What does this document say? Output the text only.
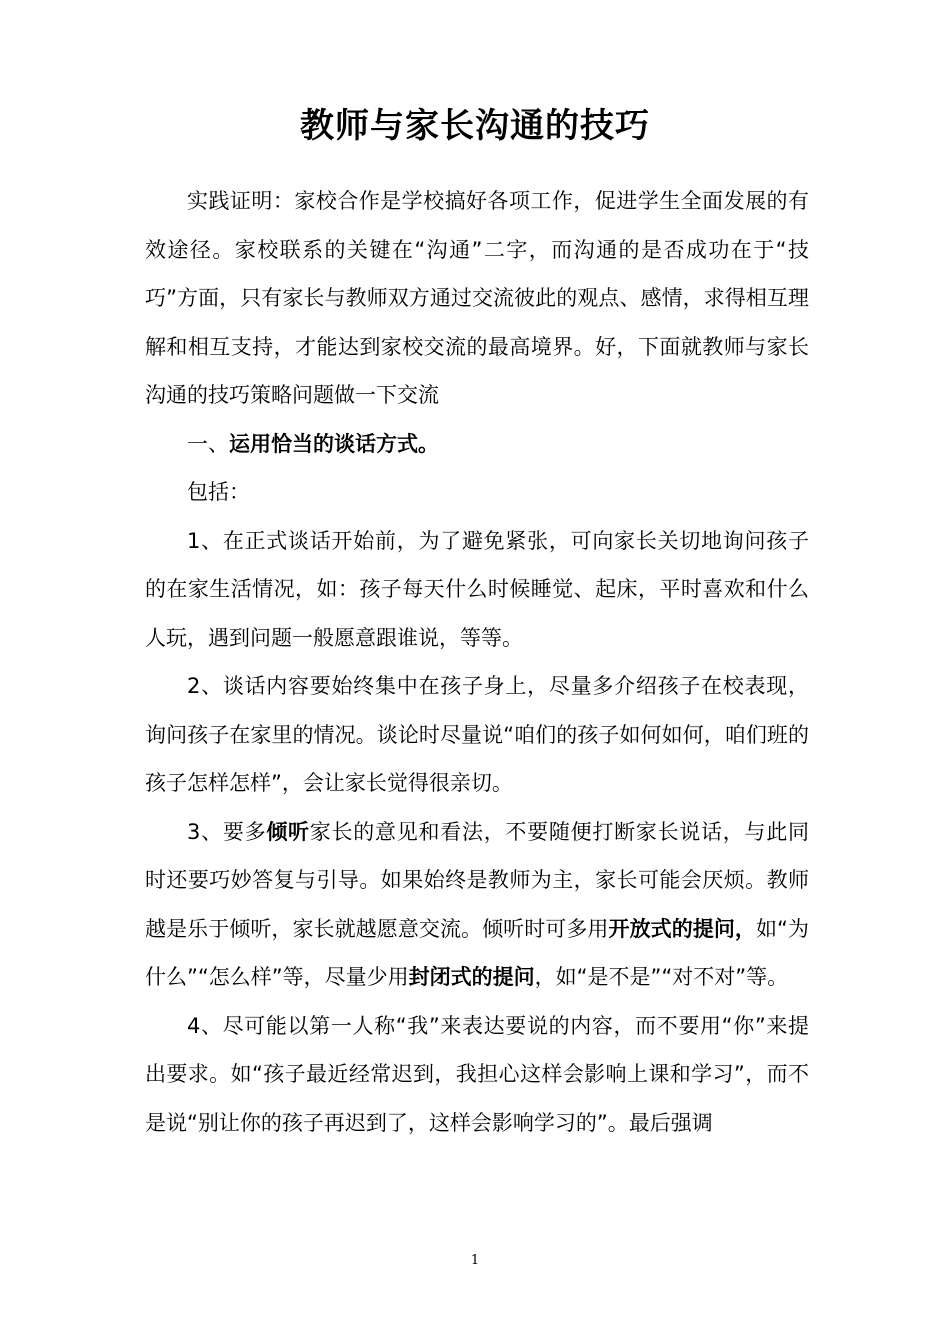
教师与家长沟通的技巧

实践证明：家校合作是学校搞好各项工作，促进学生全面发展的有效途径。家校联系的关键在“沟通”二字，而沟通的是否成功在于“技巧”方面，只有家长与教师双方通过交流彼此的观点、感情，求得相互理解和相互支持，才能达到家校交流的最高境界。好，下面就教师与家长沟通的技巧策略问题做一下交流

一、运用恰当的谈话方式。

包括：

1、在正式谈话开始前，为了避免紧张，可向家长关切地询问孩子的在家生活情况，如：孩子每天什么时候睡觉、起床，平时喜欢和什么人玩，遇到问题一般愿意跟谁说，等等。

2、谈话内容要始终集中在孩子身上，尽量多介绍孩子在校表现，询问孩子在家里的情况。谈论时尽量说“咱们的孩子如何如何，咱们班的孩子怎样怎样”，会让家长觉得很亲切。

3、要多倾听家长的意见和看法，不要随便打断家长说话，与此同时还要巧妙答复与引导。如果始终是教师为主，家长可能会厌烦。教师越是乐于倾听，家长就越愿意交流。倾听时可多用开放式的提问，如“为什么”“怎么样”等，尽量少用封闭式的提问，如“是不是”“对不对”等。

4、尽可能以第一人称“我”来表达要说的内容，而不要用“你”来提出要求。如“孩子最近经常迟到，我担心这样会影响上课和学习”，而不是说“别让你的孩子再迟到了，这样会影响学习的”。最后强调

1
